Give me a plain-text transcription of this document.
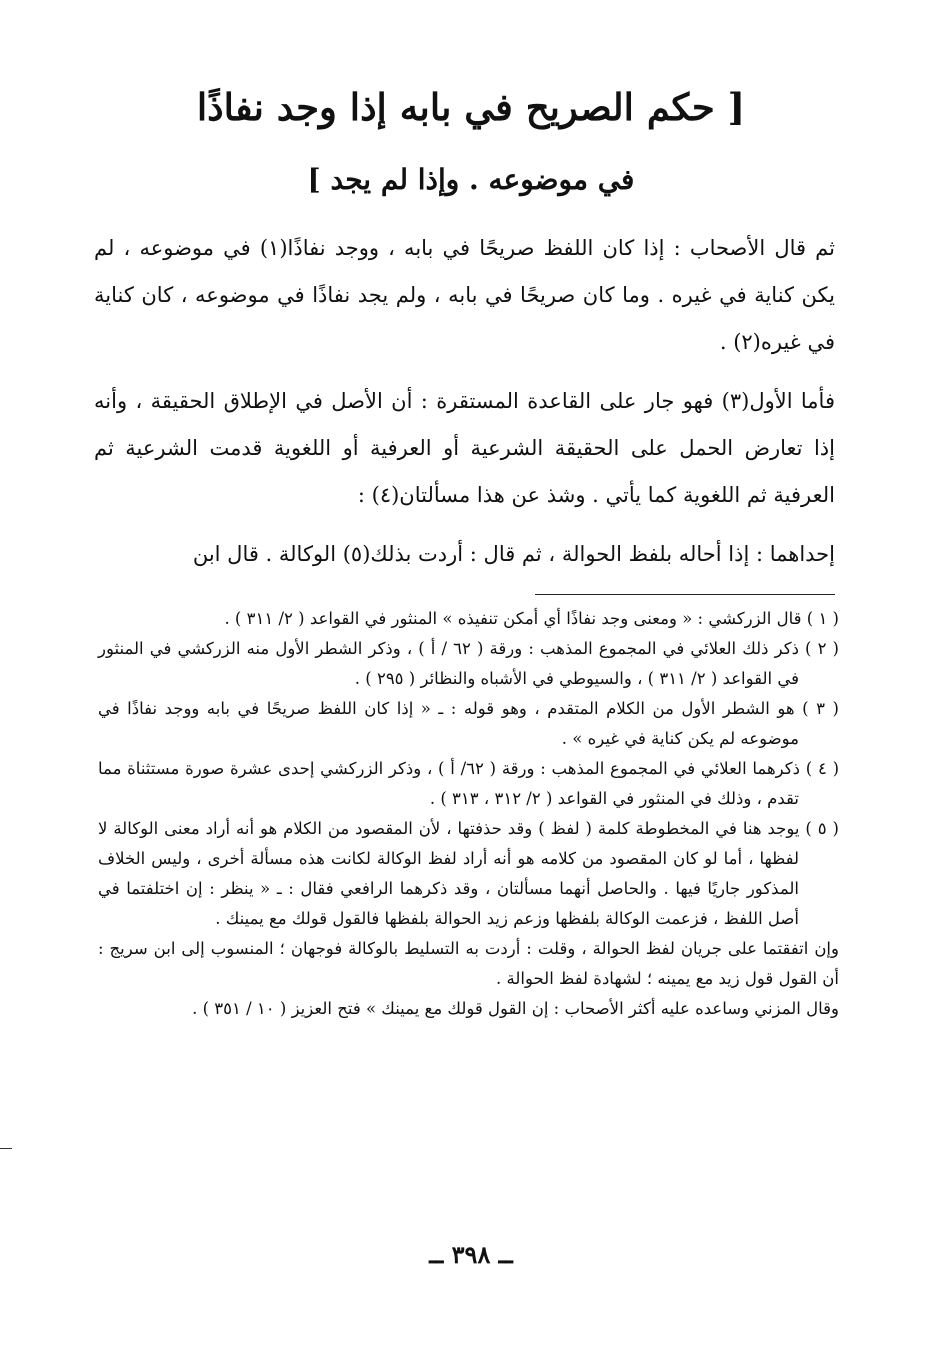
[ حكم الصريح في بابه إذا وجد نفاذًا
في موضوعه . وإذا لم يجد ]

ثم قال الأصحاب : إذا كان اللفظ صريحًا في بابه ، ووجد نفاذًا(١) في موضوعه ، لم يكن كناية في غيره . وما كان صريحًا في بابه ، ولم يجد نفاذًا في موضوعه ، كان كناية في غيره(٢) .

فأما الأول(٣) فهو جار على القاعدة المستقرة : أن الأصل في الإطلاق الحقيقة ، وأنه إذا تعارض الحمل على الحقيقة الشرعية أو العرفية أو اللغوية قدمت الشرعية ثم العرفية ثم اللغوية كما يأتي . وشذ عن هذا مسألتان(٤) :

إحداهما : إذا أحاله بلفظ الحوالة ، ثم قال : أردت بذلك(٥) الوكالة . قال ابن

( ١ ) قال الزركشي : « ومعنى وجد نفاذًا أي أمكن تنفيذه » المنثور في القواعد ( ٢/ ٣١١ ) .

( ٢ ) ذكر ذلك العلائي في المجموع المذهب : ورقة ( ٦٢ / أ ) ، وذكر الشطر الأول منه الزركشي في المنثور في القواعد ( ٢/ ٣١١ ) ، والسيوطي في الأشباه والنظائر ( ٢٩٥ ) .

( ٣ ) هو الشطر الأول من الكلام المتقدم ، وهو قوله : ـ « إذا كان اللفظ صريحًا في بابه ووجد نفاذًا في موضوعه لم يكن كناية في غيره » .

( ٤ ) ذكرهما العلائي في المجموع المذهب : ورقة ( ٦٢/ أ ) ، وذكر الزركشي إحدى عشرة صورة مستثناة مما تقدم ، وذلك في المنثور في القواعد ( ٢/ ٣١٢ ، ٣١٣ ) .

( ٥ ) يوجد هنا في المخطوطة كلمة ( لفظ ) وقد حذفتها ، لأن المقصود من الكلام هو أنه أراد معنى الوكالة لا لفظها ، أما لو كان المقصود من كلامه هو أنه أراد لفظ الوكالة لكانت هذه مسألة أخرى ، وليس الخلاف المذكور جاريًا فيها . والحاصل أنهما مسألتان ، وقد ذكرهما الرافعي فقال : ـ « ينظر : إن اختلفتما في أصل اللفظ ، فزعمت الوكالة بلفظها وزعم زيد الحوالة بلفظها فالقول قولك مع يمينك .

وإن اتفقتما على جريان لفظ الحوالة ، وقلت : أردت به التسليط بالوكالة فوجهان ؛ المنسوب إلى ابن سريج : أن القول قول زيد مع يمينه ؛ لشهادة لفظ الحوالة .

وقال المزني وساعده عليه أكثر الأصحاب : إن القول قولك مع يمينك » فتح العزيز ( ١٠ / ٣٥١ ) .

ــ ٣٩٨ ــ
